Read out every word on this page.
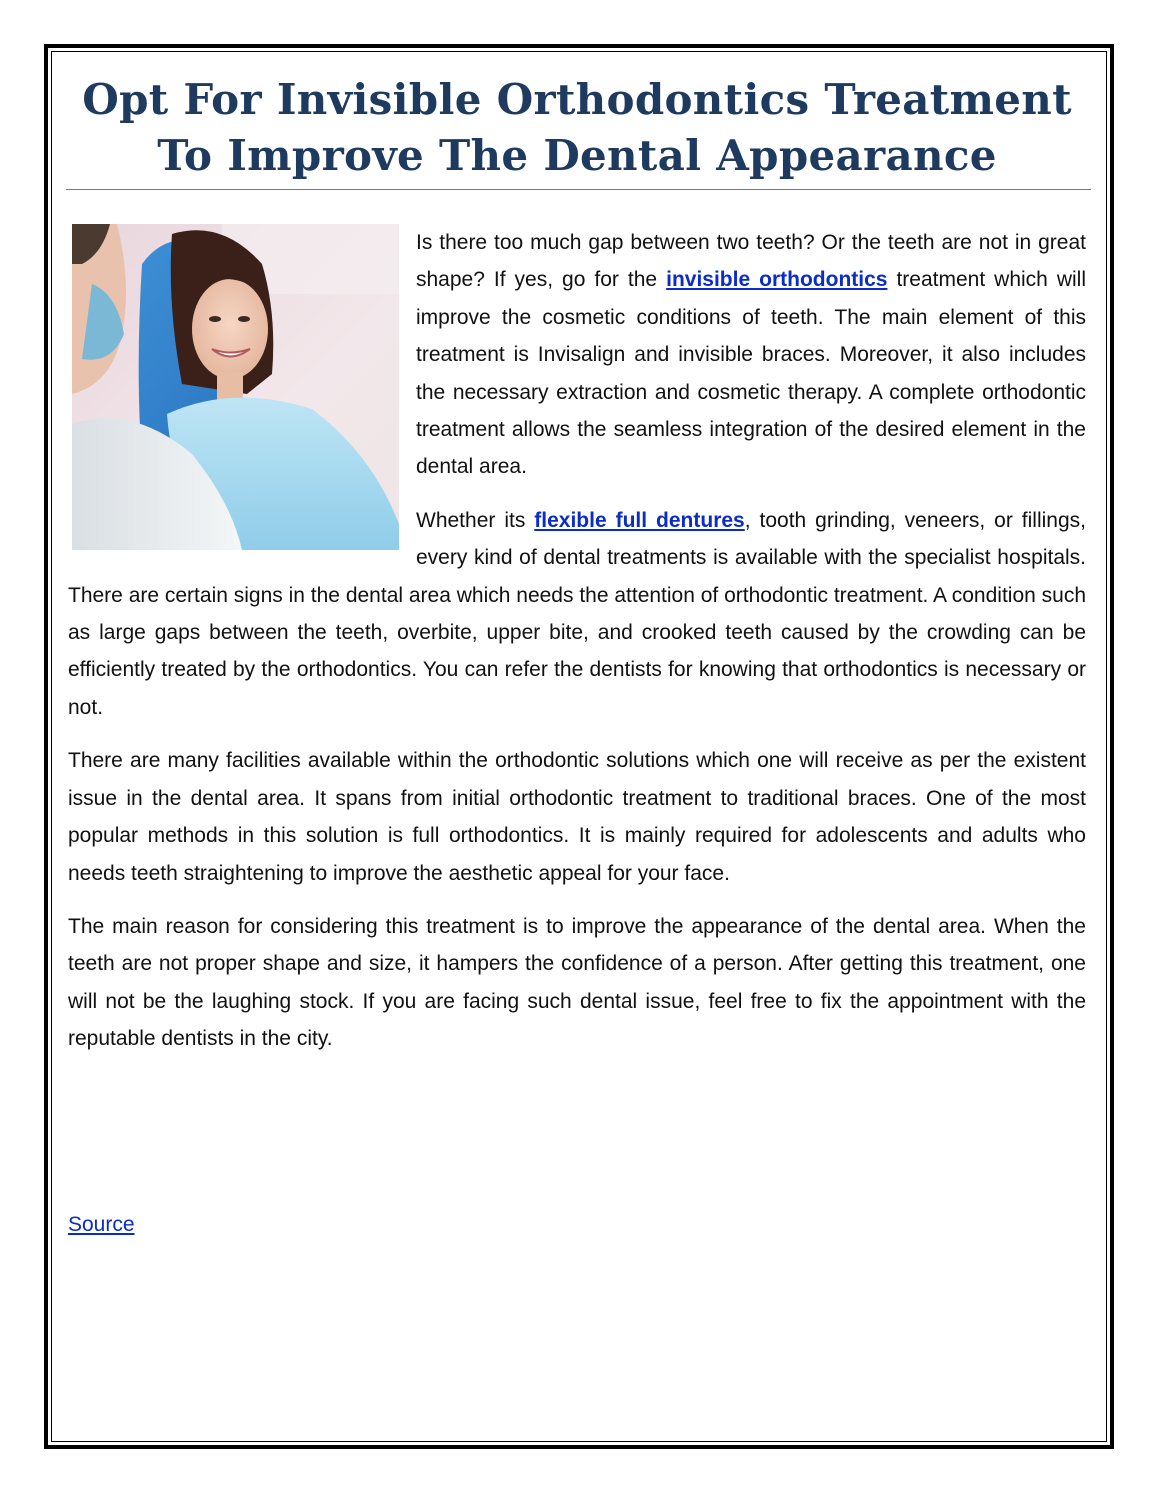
Opt For Invisible Orthodontics Treatment To Improve The Dental Appearance

Is there too much gap between two teeth? Or the teeth are not in great shape? If yes, go for the invisible orthodontics treatment which will improve the cosmetic conditions of teeth. The main element of this treatment is Invisalign and invisible braces. Moreover, it also includes the necessary extraction and cosmetic therapy. A complete orthodontic treatment allows the seamless integration of the desired element in the dental area.

Whether its flexible full dentures, tooth grinding, veneers, or fillings, every kind of dental treatments is available with the specialist hospitals. There are certain signs in the dental area which needs the attention of orthodontic treatment. A condition such as large gaps between the teeth, overbite, upper bite, and crooked teeth caused by the crowding can be efficiently treated by the orthodontics. You can refer the dentists for knowing that orthodontics is necessary or not.

There are many facilities available within the orthodontic solutions which one will receive as per the existent issue in the dental area. It spans from initial orthodontic treatment to traditional braces. One of the most popular methods in this solution is full orthodontics. It is mainly required for adolescents and adults who needs teeth straightening to improve the aesthetic appeal for your face.

The main reason for considering this treatment is to improve the appearance of the dental area. When the teeth are not proper shape and size, it hampers the confidence of a person. After getting this treatment, one will not be the laughing stock. If you are facing such dental issue, feel free to fix the appointment with the reputable dentists in the city.

Source
